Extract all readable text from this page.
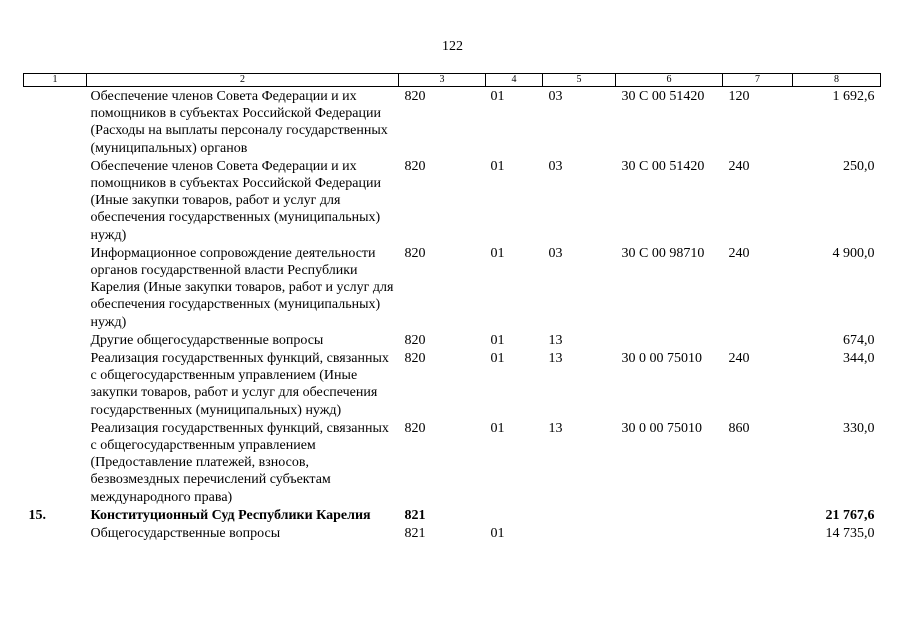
122
1	2	3	4	5	6	7	8
	Обеспечение членов Совета Федерации и их помощников в субъектах Российской Федерации (Расходы на выплаты персоналу государственных (муниципальных) органов	820	01	03	30 С 00 51420	120	1 692,6
	Обеспечение членов Совета Федерации и их помощников в субъектах Российской Федерации (Иные закупки товаров, работ и услуг для обеспечения государственных (муниципальных) нужд)	820	01	03	30 С 00 51420	240	250,0
	Информационное сопровождение деятельности органов государственной власти Республики Карелия (Иные закупки товаров, работ и услуг для обеспечения государственных (муниципальных) нужд)	820	01	03	30 С 00 98710	240	4 900,0
	Другие общегосударственные вопросы	820	01	13			674,0
	Реализация государственных функций, связанных с общегосударственным управлением (Иные закупки товаров, работ и услуг для обеспечения государственных (муниципальных) нужд)	820	01	13	30 0 00 75010	240	344,0
	Реализация государственных функций, связанных с общегосударственным управлением (Предоставление платежей, взносов, безвозмездных перечислений субъектам международного права)	820	01	13	30 0 00 75010	860	330,0
15.	Конституционный Суд Республики Карелия	821					21 767,6
	Общегосударственные вопросы	821	01				14 735,0
